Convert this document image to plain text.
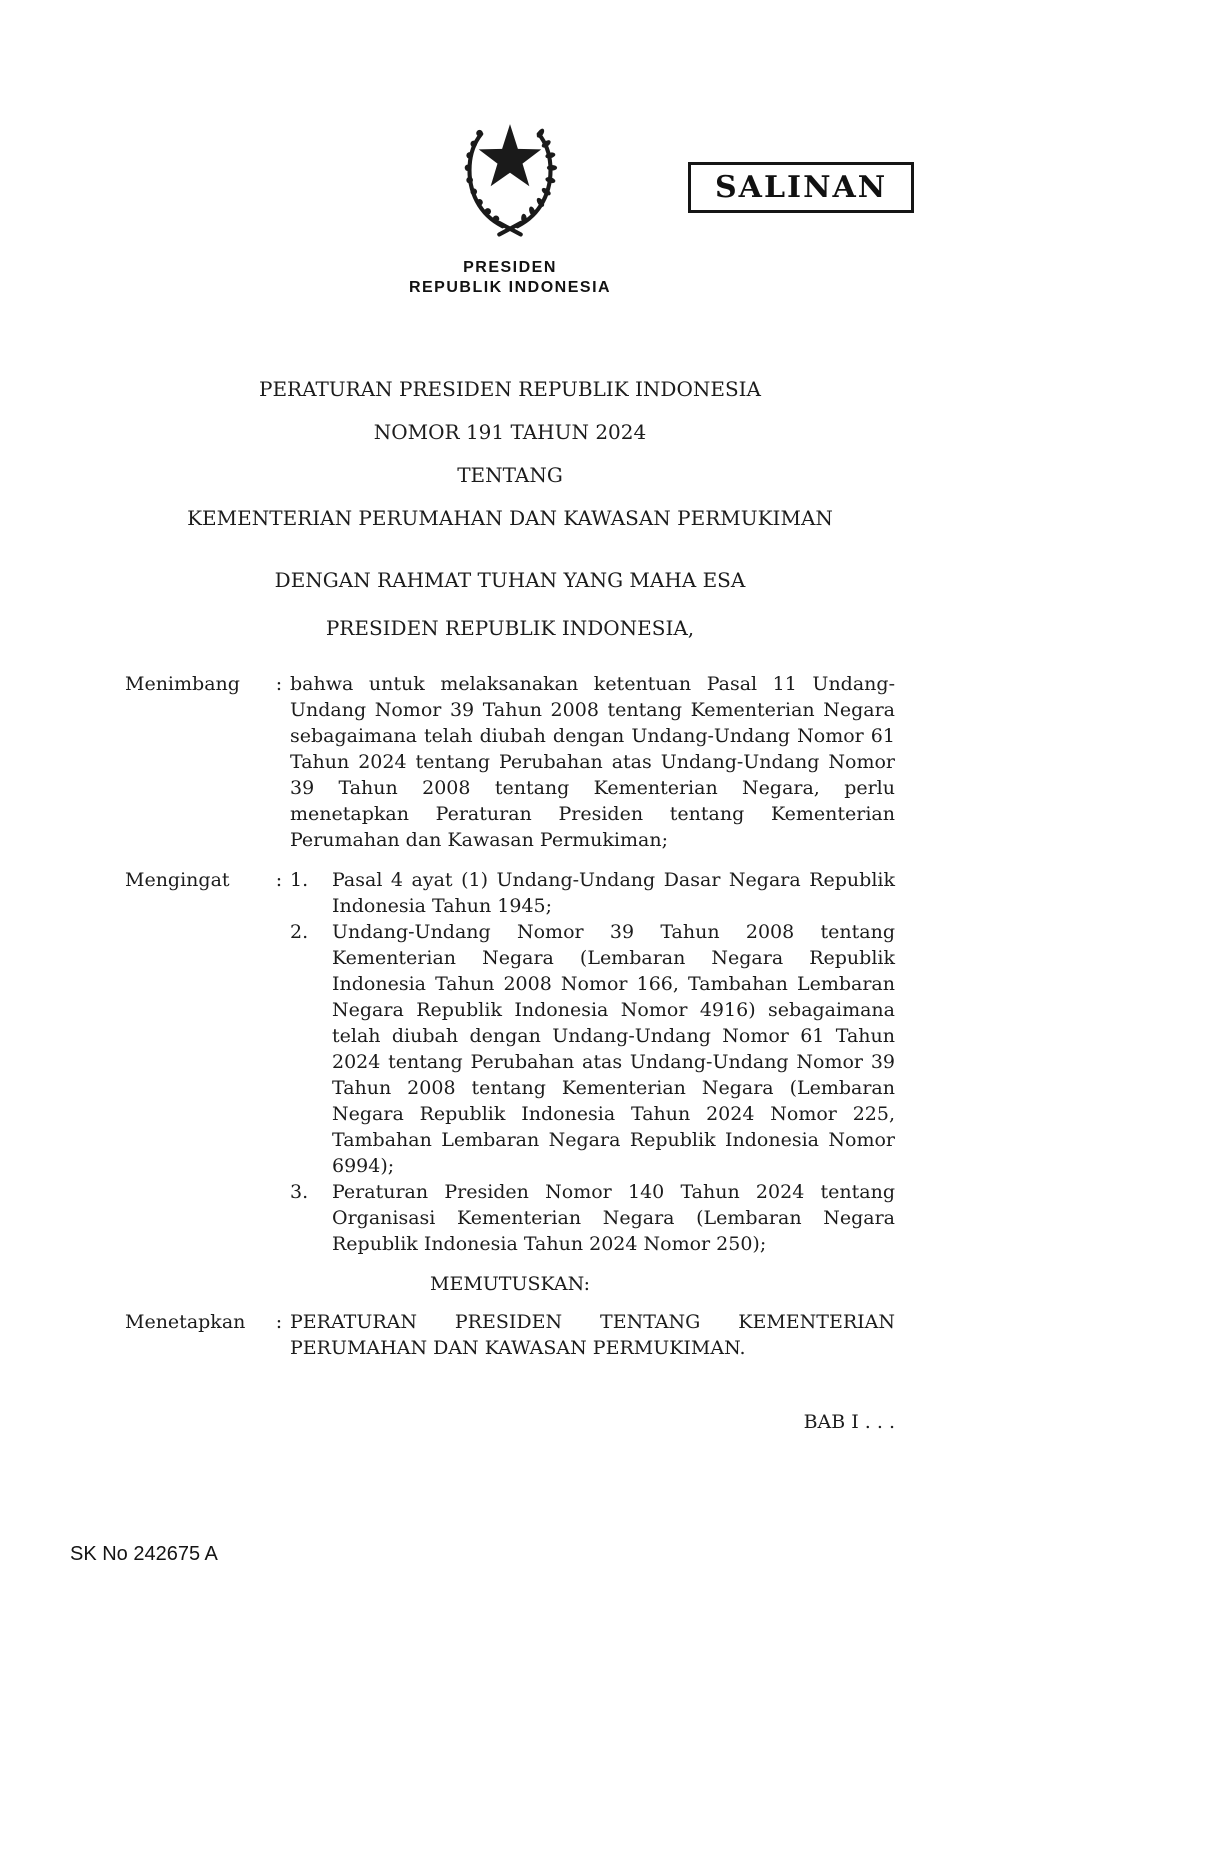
SALINAN
PRESIDEN
REPUBLIK INDONESIA
PERATURAN PRESIDEN REPUBLIK INDONESIA
NOMOR 191 TAHUN 2024
TENTANG
KEMENTERIAN PERUMAHAN DAN KAWASAN PERMUKIMAN
DENGAN RAHMAT TUHAN YANG MAHA ESA
PRESIDEN REPUBLIK INDONESIA,
Menimbang	: bahwa untuk melaksanakan ketentuan Pasal 11 Undang-Undang Nomor 39 Tahun 2008 tentang Kementerian Negara sebagaimana telah diubah dengan Undang-Undang Nomor 61 Tahun 2024 tentang Perubahan atas Undang-Undang Nomor 39 Tahun 2008 tentang Kementerian Negara, perlu menetapkan Peraturan Presiden tentang Kementerian Perumahan dan Kawasan Permukiman;
Mengingat	: 1.	Pasal 4 ayat (1) Undang-Undang Dasar Negara Republik Indonesia Tahun 1945;
2.	Undang-Undang Nomor 39 Tahun 2008 tentang Kementerian Negara (Lembaran Negara Republik Indonesia Tahun 2008 Nomor 166, Tambahan Lembaran Negara Republik Indonesia Nomor 4916) sebagaimana telah diubah dengan Undang-Undang Nomor 61 Tahun 2024 tentang Perubahan atas Undang-Undang Nomor 39 Tahun 2008 tentang Kementerian Negara (Lembaran Negara Republik Indonesia Tahun 2024 Nomor 225, Tambahan Lembaran Negara Republik Indonesia Nomor 6994);
3.	Peraturan Presiden Nomor 140 Tahun 2024 tentang Organisasi Kementerian Negara (Lembaran Negara Republik Indonesia Tahun 2024 Nomor 250);
MEMUTUSKAN:
Menetapkan	: PERATURAN PRESIDEN TENTANG KEMENTERIAN PERUMAHAN DAN KAWASAN PERMUKIMAN.
BAB I . . .
SK No 242675 A
